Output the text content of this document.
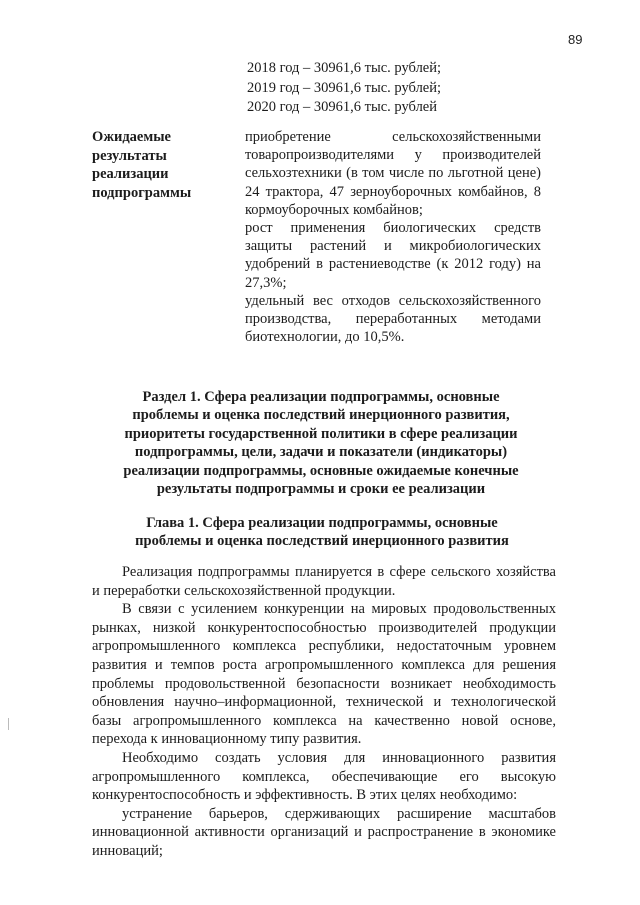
89
2018 год – 30961,6 тыс. рублей;
2019 год – 30961,6 тыс. рублей;
2020 год – 30961,6 тыс. рублей
Ожидаемые
результаты
реализации
подпрограммы

приобретение сельскохозяйственными товаропроизводителями у производителей сельхозтехники (в том числе по льготной цене) 24 трактора, 47 зерноуборочных комбайнов, 8 кормоуборочных комбайнов;

рост применения биологических средств защиты растений и микробиологических удобрений в растениеводстве (к 2012 году) на 27,3%;

удельный вес отходов сельскохозяйственного производства, переработанных методами биотехнологии, до 10,5%.

Раздел 1. Сфера реализации подпрограммы, основные проблемы и оценка последствий инерционного развития, приоритеты государственной политики в сфере реализации подпрограммы, цели, задачи и показатели (индикаторы) реализации подпрограммы, основные ожидаемые конечные результаты подпрограммы и сроки ее реализации
Глава 1. Сфера реализации подпрограммы, основные проблемы и оценка последствий инерционного развития

Реализация подпрограммы планируется в сфере сельского хозяйства и переработки сельскохозяйственной продукции.

В связи с усилением конкуренции на мировых продовольственных рынках, низкой конкурентоспособностью производителей продукции агропромышленного комплекса республики, недостаточным уровнем развития и темпов роста агропромышленного комплекса для решения проблемы продовольственной безопасности возникает необходимость обновления научно–информационной, технической и технологической базы агропромышленного комплекса на качественно новой основе, перехода к инновационному типу развития.

Необходимо создать условия для инновационного развития агропромышленного комплекса, обеспечивающие его высокую конкурентоспособность и эффективность. В этих целях необходимо:

устранение барьеров, сдерживающих расширение масштабов инновационной активности организаций и распространение в экономике инноваций;
